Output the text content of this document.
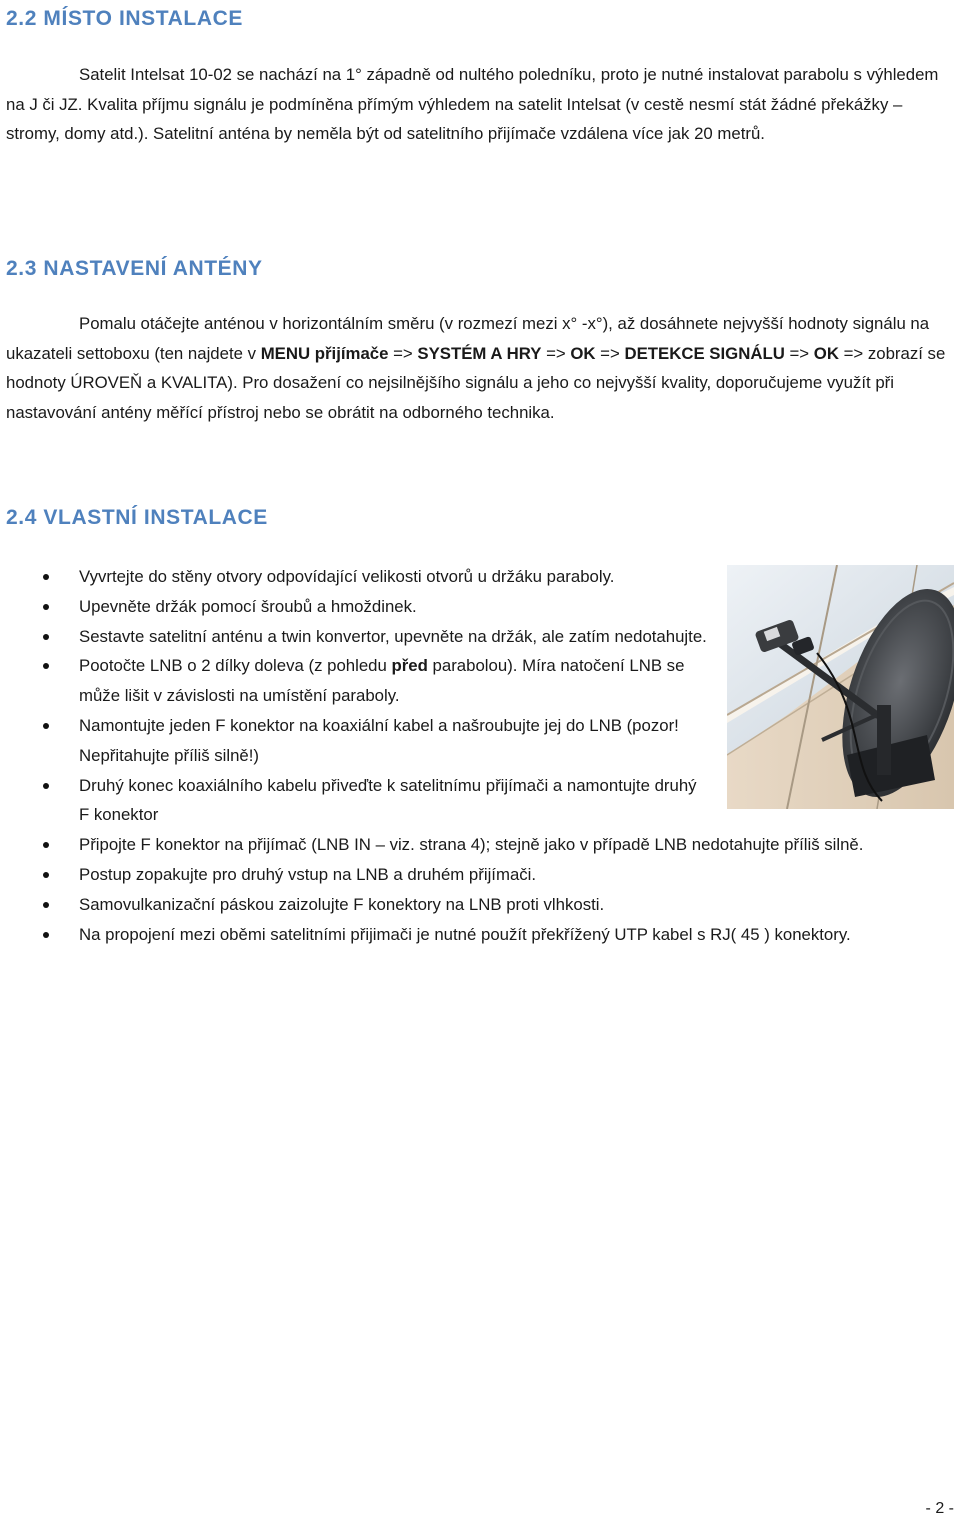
2.2 MÍSTO INSTALACE

Satelit Intelsat 10-02 se nachází na 1° západně od nultého poledníku, proto je nutné instalovat parabolu s výhledem na J či JZ. Kvalita příjmu signálu je podmíněna přímým výhledem na satelit Intelsat (v cestě nesmí stát žádné překážky – stromy, domy atd.). Satelitní anténa by neměla být od satelitního přijímače vzdálena více jak 20 metrů.

2.3 NASTAVENÍ ANTÉNY

Pomalu otáčejte anténou v horizontálním směru (v rozmezí mezi x° -x°), až dosáhnete nejvyšší hodnoty signálu na ukazateli settoboxu (ten najdete v MENU přijímače => SYSTÉM A HRY => OK => DETEKCE SIGNÁLU => OK => zobrazí se hodnoty ÚROVEŇ a KVALITA). Pro dosažení co nejsilnějšího signálu a jeho co nejvyšší kvality, doporučujeme využít při nastavování antény měřící přístroj nebo se obrátit na odborného technika.

2.4 VLASTNÍ INSTALACE
Vyvrtejte do stěny otvory odpovídající velikosti otvorů u držáku paraboly.
Upevněte držák pomocí šroubů a hmoždinek.
Sestavte satelitní anténu a twin konvertor, upevněte na držák, ale zatím nedotahujte.
Pootočte LNB o 2 dílky doleva (z pohledu před parabolou). Míra natočení LNB se může lišit v závislosti na umístění paraboly.
Namontujte jeden F konektor na koaxiální kabel a našroubujte jej do LNB (pozor! Nepřitahujte příliš silně!)
Druhý konec koaxiálního kabelu přiveďte k satelitnímu přijímači a namontujte druhý F konektor
Připojte F konektor na přijímač (LNB IN – viz. strana 4); stejně jako v případě LNB nedotahujte příliš silně.
Postup zopakujte pro druhý vstup na LNB a druhém přijímači.
Samovulkanizační páskou zaizolujte F konektory na LNB proti vlhkosti.
Na propojení mezi oběmi satelitními přijimači je nutné použít překřížený UTP kabel s RJ( 45 ) konektory.
- 2 -
